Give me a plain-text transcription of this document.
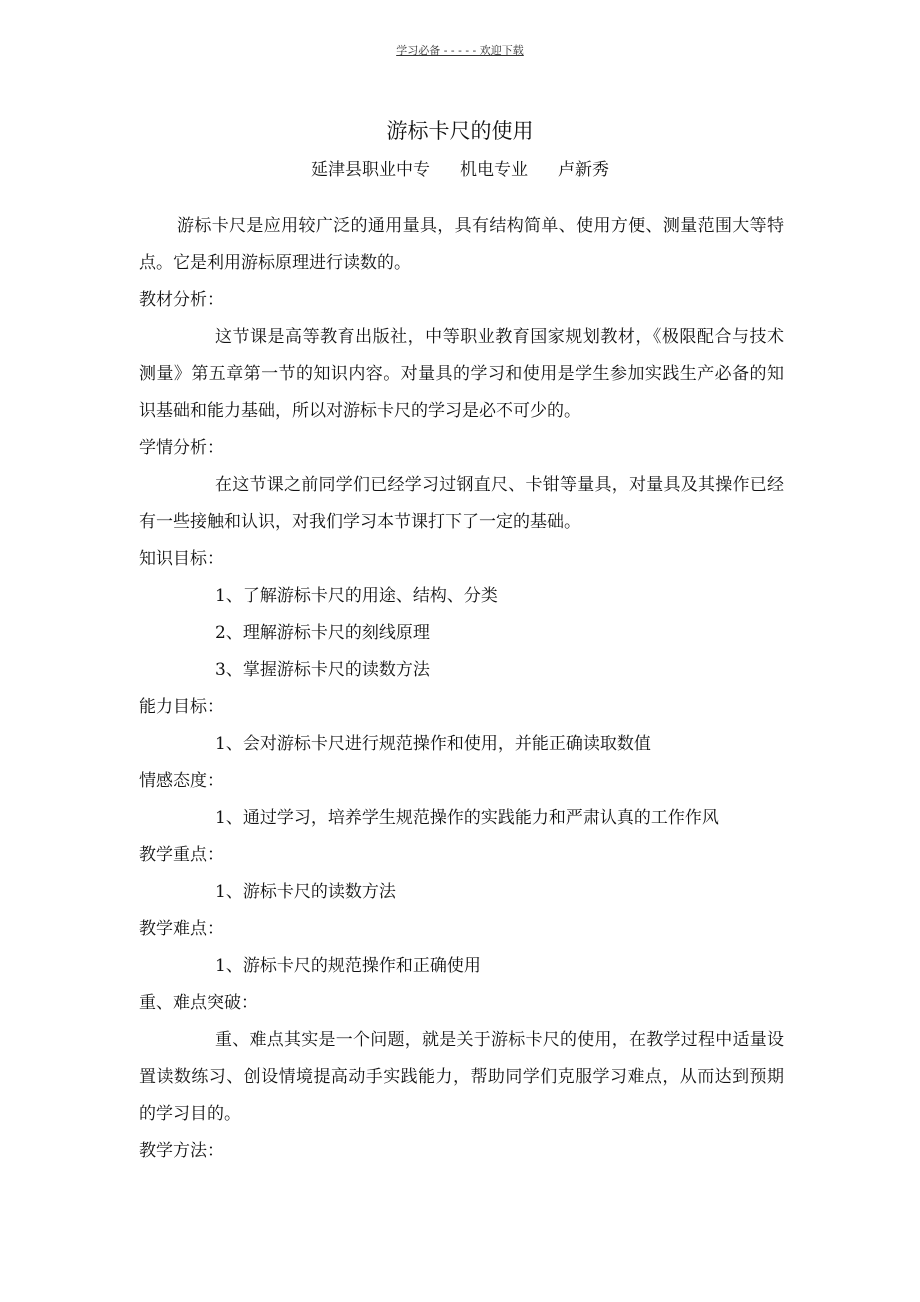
学习必备 - - - - - 欢迎下载
游标卡尺的使用
延津县职业中专 机电专业 卢新秀

游标卡尺是应用较广泛的通用量具，具有结构简单、使用方便、测量范围大等特点。它是利用游标原理进行读数的。

教材分析：

这节课是高等教育出版社，中等职业教育国家规划教材，《极限配合与技术测量》第五章第一节的知识内容。对量具的学习和使用是学生参加实践生产必备的知识基础和能力基础，所以对游标卡尺的学习是必不可少的。

学情分析：

在这节课之前同学们已经学习过钢直尺、卡钳等量具，对量具及其操作已经有一些接触和认识，对我们学习本节课打下了一定的基础。

知识目标：

1、了解游标卡尺的用途、结构、分类

2、理解游标卡尺的刻线原理

3、掌握游标卡尺的读数方法

能力目标：

1、会对游标卡尺进行规范操作和使用，并能正确读取数值

情感态度：

1、通过学习，培养学生规范操作的实践能力和严肃认真的工作作风

教学重点：

1、游标卡尺的读数方法

教学难点：

1、游标卡尺的规范操作和正确使用

重、难点突破：

重、难点其实是一个问题，就是关于游标卡尺的使用，在教学过程中适量设置读数练习、创设情境提高动手实践能力，帮助同学们克服学习难点，从而达到预期的学习目的。

教学方法：
